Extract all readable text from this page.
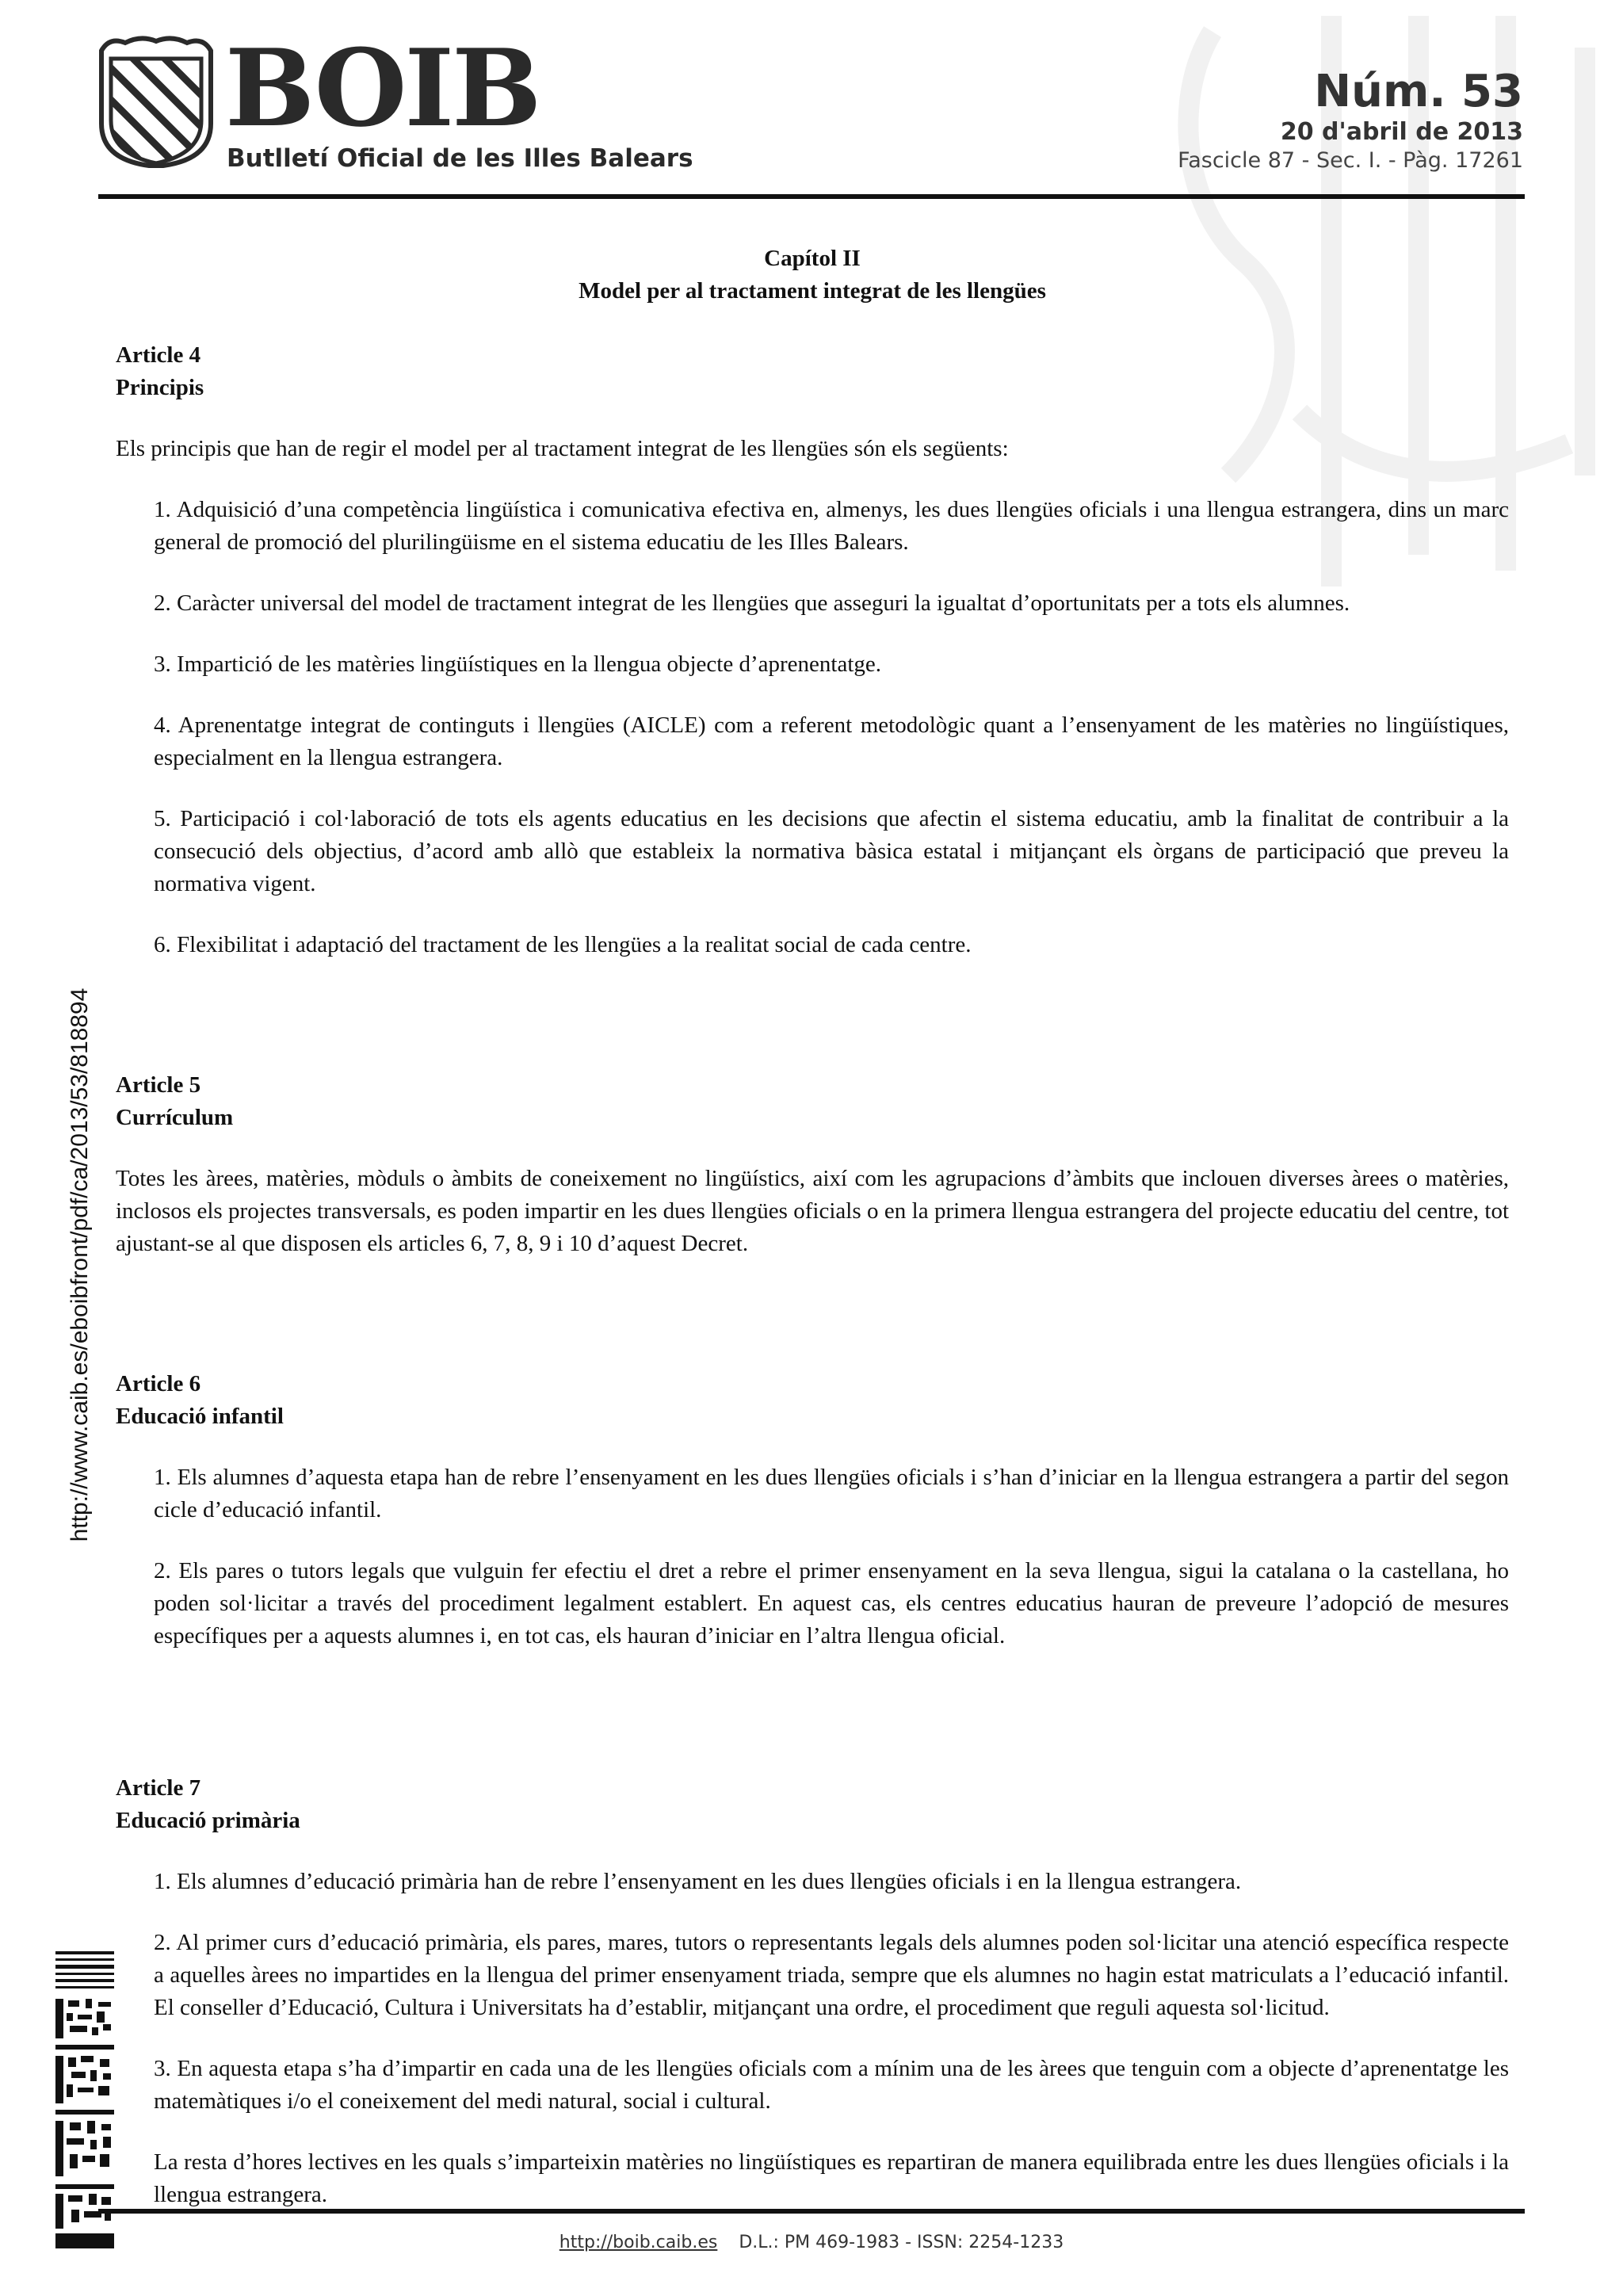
BOIB
Butlletí Oficial de les Illes Balears
Núm. 53
20 d'abril de 2013
Fascicle 87 - Sec. I. - Pàg. 17261
http://www.caib.es/eboibfront/pdf/ca/2013/53/818894
Capítol II
Model per al tractament integrat de les llengües
Article 4
Principis

Els principis que han de regir el model per al tractament integrat de les llengües són els següents:

1. Adquisició d’una competència lingüística i comunicativa efectiva en, almenys, les dues llengües oficials i una llengua estrangera, dins un marc general de promoció del plurilingüisme en el sistema educatiu de les Illes Balears.

2. Caràcter universal del model de tractament integrat de les llengües que asseguri la igualtat d’oportunitats per a tots els alumnes.

3. Impartició de les matèries lingüístiques en la llengua objecte d’aprenentatge.

4. Aprenentatge integrat de continguts i llengües (AICLE) com a referent metodològic quant a l’ensenyament de les matèries no lingüístiques, especialment en la llengua estrangera.

5. Participació i col·laboració de tots els agents educatius en les decisions que afectin el sistema educatiu, amb la finalitat de contribuir a la consecució dels objectius, d’acord amb allò que estableix la normativa bàsica estatal i mitjançant els òrgans de participació que preveu la normativa vigent.

6. Flexibilitat i adaptació del tractament de les llengües a la realitat social de cada centre.

Article 5
Currículum

Totes les àrees, matèries, mòduls o àmbits de coneixement no lingüístics, així com les agrupacions d’àmbits que inclouen diverses àrees o matèries, inclosos els projectes transversals, es poden impartir en les dues llengües oficials o en la primera llengua estrangera del projecte educatiu del centre, tot ajustant-se al que disposen els articles 6, 7, 8, 9 i 10 d’aquest Decret.

Article 6
Educació infantil

1. Els alumnes d’aquesta etapa han de rebre l’ensenyament en les dues llengües oficials i s’han d’iniciar en la llengua estrangera a partir del segon cicle d’educació infantil.

2. Els pares o tutors legals que vulguin fer efectiu el dret a rebre el primer ensenyament en la seva llengua, sigui la catalana o la castellana, ho poden sol·licitar a través del procediment legalment establert. En aquest cas, els centres educatius hauran de preveure l’adopció de mesures específiques per a aquests alumnes i, en tot cas, els hauran d’iniciar en l’altra llengua oficial.

Article 7
Educació primària

1. Els alumnes d’educació primària han de rebre l’ensenyament en les dues llengües oficials i en la llengua estrangera.

2. Al primer curs d’educació primària, els pares, mares, tutors o representants legals dels alumnes poden sol·licitar una atenció específica respecte a aquelles àrees no impartides en la llengua del primer ensenyament triada, sempre que els alumnes no hagin estat matriculats a l’educació infantil. El conseller d’Educació, Cultura i Universitats ha d’establir, mitjançant una ordre, el procediment que reguli aquesta sol·licitud.

3. En aquesta etapa s’ha d’impartir en cada una de les llengües oficials com a mínim una de les àrees que tenguin com a objecte d’aprenentatge les matemàtiques i/o el coneixement del medi natural, social i cultural.

La resta d’hores lectives en les quals s’imparteixin matèries no lingüístiques es repartiran de manera equilibrada entre les dues llengües oficials i la llengua estrangera.

http://boib.caib.es D.L.: PM 469-1983 - ISSN: 2254-1233
